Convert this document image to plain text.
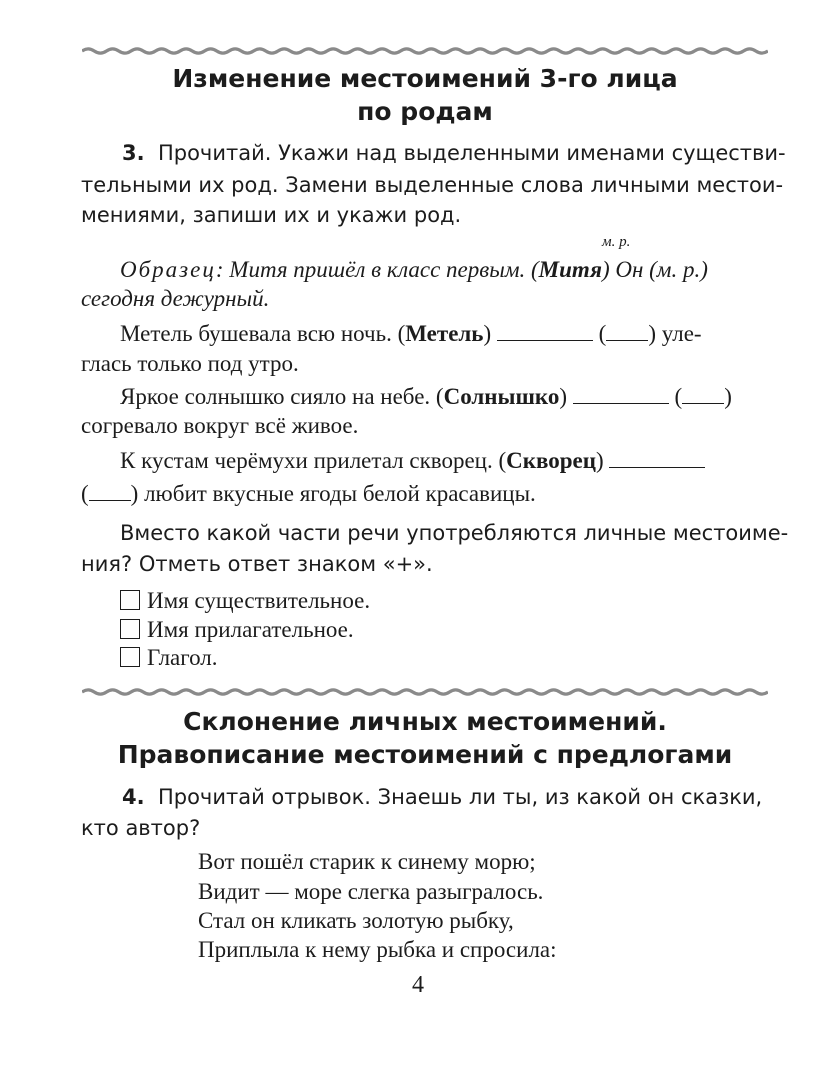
Изменение местоимений 3-го лица
по родам
3. Прочитай. Укажи над выделенными именами существи-
тельными их род. Замени выделенные слова личными местои-
мениями, запиши их и укажи род.
м. р.
Образец: Митя пришёл в класс первым. (Митя) Он (м. р.)
сегодня дежурный.
Метель бушевала всю ночь. (Метель)	( ) уле-
глась только под утро.
Яркое солнышко сияло на небе. (Солнышко)	( )
согревало вокруг всё живое.
К кустам черёмухи прилетал скворец. (Скворец)
( ) любит вкусные ягоды белой красавицы.
Вместо какой части речи употребляются личные местоиме-
ния? Отметь ответ знаком «+».
Имя существительное.
Имя прилагательное.
Глагол.
Склонение личных местоимений.
Правописание местоимений с предлогами
4. Прочитай отрывок. Знаешь ли ты, из какой он сказки,
кто автор?
Вот пошёл старик к синему морю;
Видит — море слегка разыгралось.
Стал он кликать золотую рыбку,
Приплыла к нему рыбка и спросила:
4
